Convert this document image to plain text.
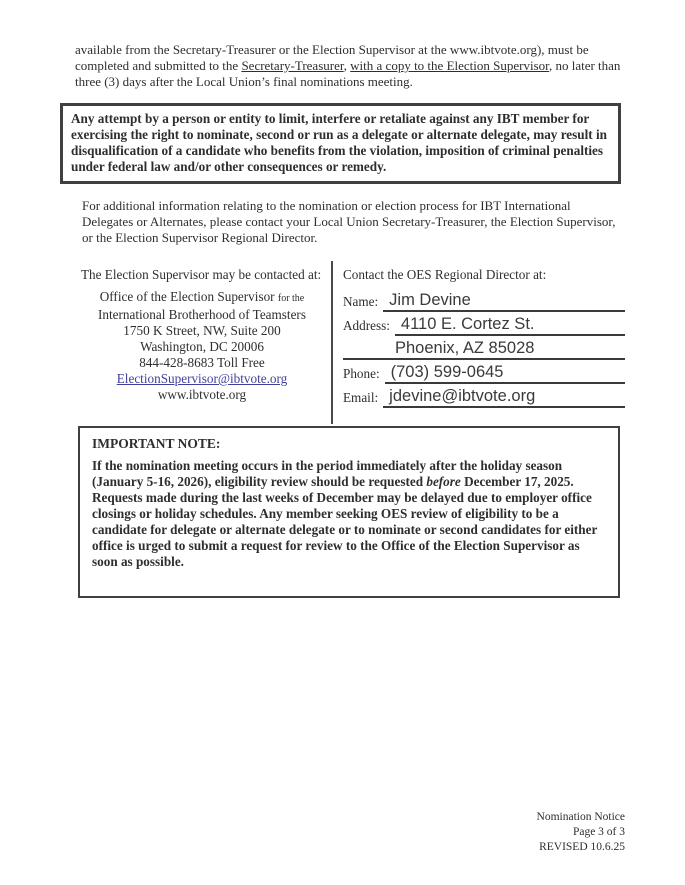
available from the Secretary-Treasurer or the Election Supervisor at the www.ibtvote.org), must be completed and submitted to the Secretary-Treasurer, with a copy to the Election Supervisor, no later than three (3) days after the Local Union’s final nominations meeting.

Any attempt by a person or entity to limit, interfere or retaliate against any IBT member for exercising the right to nominate, second or run as a delegate or alternate delegate, may result in disqualification of a candidate who benefits from the violation, imposition of criminal penalties under federal law and/or other consequences or remedy.

For additional information relating to the nomination or election process for IBT International Delegates or Alternates, please contact your Local Union Secretary-Treasurer, the Election Supervisor, or the Election Supervisor Regional Director.

The Election Supervisor may be contacted at:

Office of the Election Supervisor for the
International Brotherhood of Teamsters
1750 K Street, NW, Suite 200
Washington, DC 20006
844-428-8683 Toll Free
ElectionSupervisor@ibtvote.org
www.ibtvote.org

Contact the OES Regional Director at:

Name: Jim Devine
Address: 4110 E. Cortez St.
Phoenix, AZ 85028
Phone: (703) 599-0645
Email: jdevine@ibtvote.org

IMPORTANT NOTE:

If the nomination meeting occurs in the period immediately after the holiday season (January 5-16, 2026), eligibility review should be requested before December 17, 2025. Requests made during the last weeks of December may be delayed due to employer office closings or holiday schedules. Any member seeking OES review of eligibility to be a candidate for delegate or alternate delegate or to nominate or second candidates for either office is urged to submit a request for review to the Office of the Election Supervisor as soon as possible.

Nomination Notice
Page 3 of 3
REVISED 10.6.25
